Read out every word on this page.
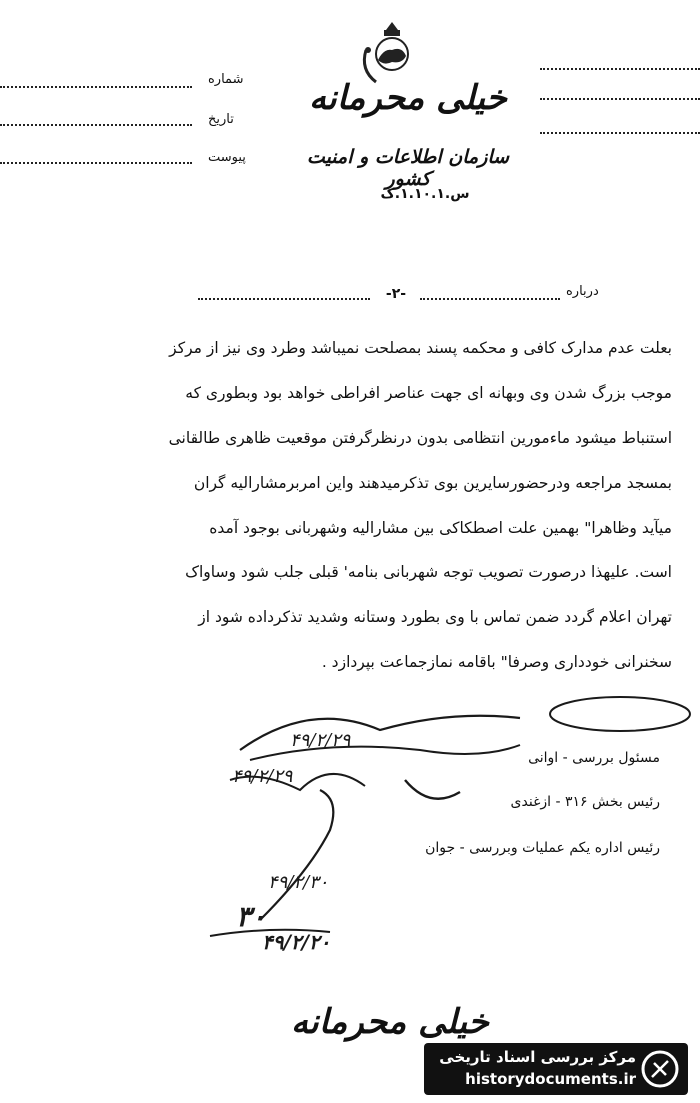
خیلی محرمانه
سازمان اطلاعات و امنیت کشور
س.۱.۱۰.۱.ک
شماره
تاریخ
پیوست
-۲-	درباره
بعلت عدم مدارک کافی و محکمه پسند بمصلحت نمیباشد وطرد وی نیز از مرکز
موجب بزرگ شدن وی وبهانه ای جهت عناصر افراطی خواهد بود وبطوری که
استنباط میشود ماءمورین انتظامی بدون درنظرگرفتن موقعیت ظاهری طالقانی
بمسجد مراجعه ودرحضورسایرین بوی تذکرمیدهند واین امربرمشارالیه گران
میآید وظاهرا" بهمین علت اصطکاکی بین مشارالیه وشهربانی بوجود آمده
است. علیهذا درصورت تصویب توجه شهربانی بنامه' قبلی جلب شود وساواک
تهران اعلام گردد ضمن تماس با وی بطورد وستانه وشدید تذکرداده شود از
سخنرانی خودداری وصرفا" باقامه نمازجماعت بپردازد .
۴۹/۲/۲۹
۴۹/۲/۲۹
۴۹/۲/۳۰
۴۹/۲/۲۰
۳۰
مسئول بررسی - اوانی
رئیس بخش ۳۱۶ - ازغندی
رئیس اداره یکم عملیات وبررسی - جوان
خیلی محرمانه
مرکز بررسی اسناد تاریخی
historydocuments.ir
